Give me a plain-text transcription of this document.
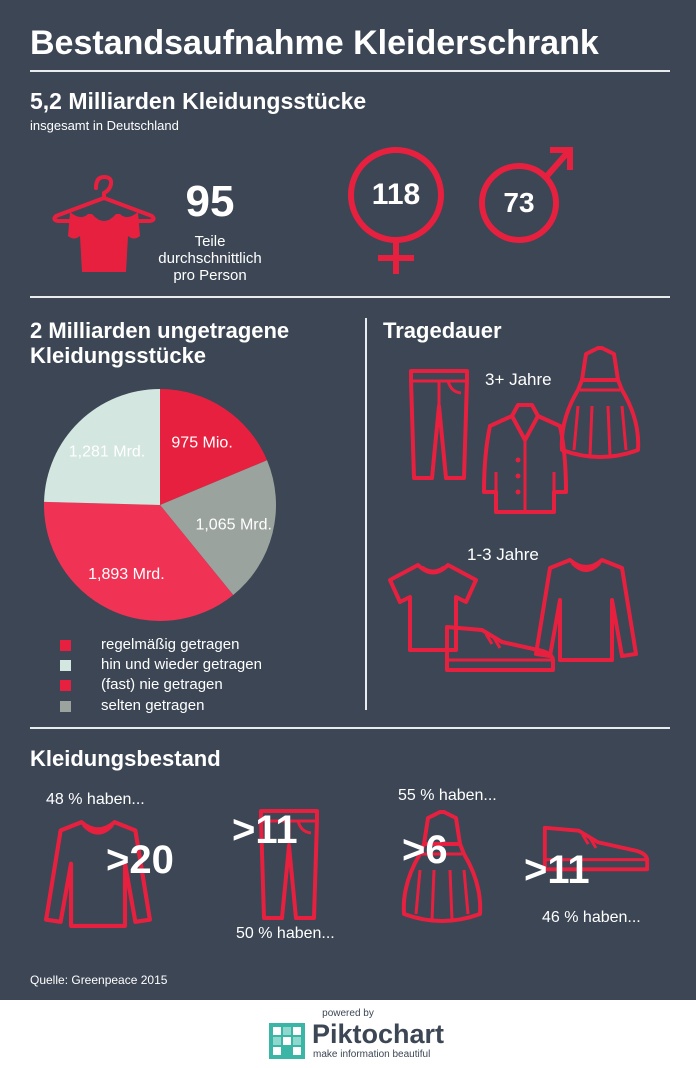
Bestandsaufnahme Kleiderschrank
5,2 Milliarden Kleidungsstücke
insgesamt in Deutschland
95
Teile
durchschnittlich
pro Person
118	73
2 Milliarden ungetragene
Kleidungsstücke
975 Mio.
1,065 Mrd.
1,893 Mrd.
1,281 Mrd.
regelmäßig getragen
hin und wieder getragen
(fast) nie getragen
selten getragen
Tragedauer
3+ Jahre
1-3 Jahre
Kleidungsbestand
48 % haben...
>20
>11
50 % haben...
55 % haben...
>6 >11
46 % haben...
Quelle: Greenpeace 2015
powered by
Piktochart
make information beautiful
